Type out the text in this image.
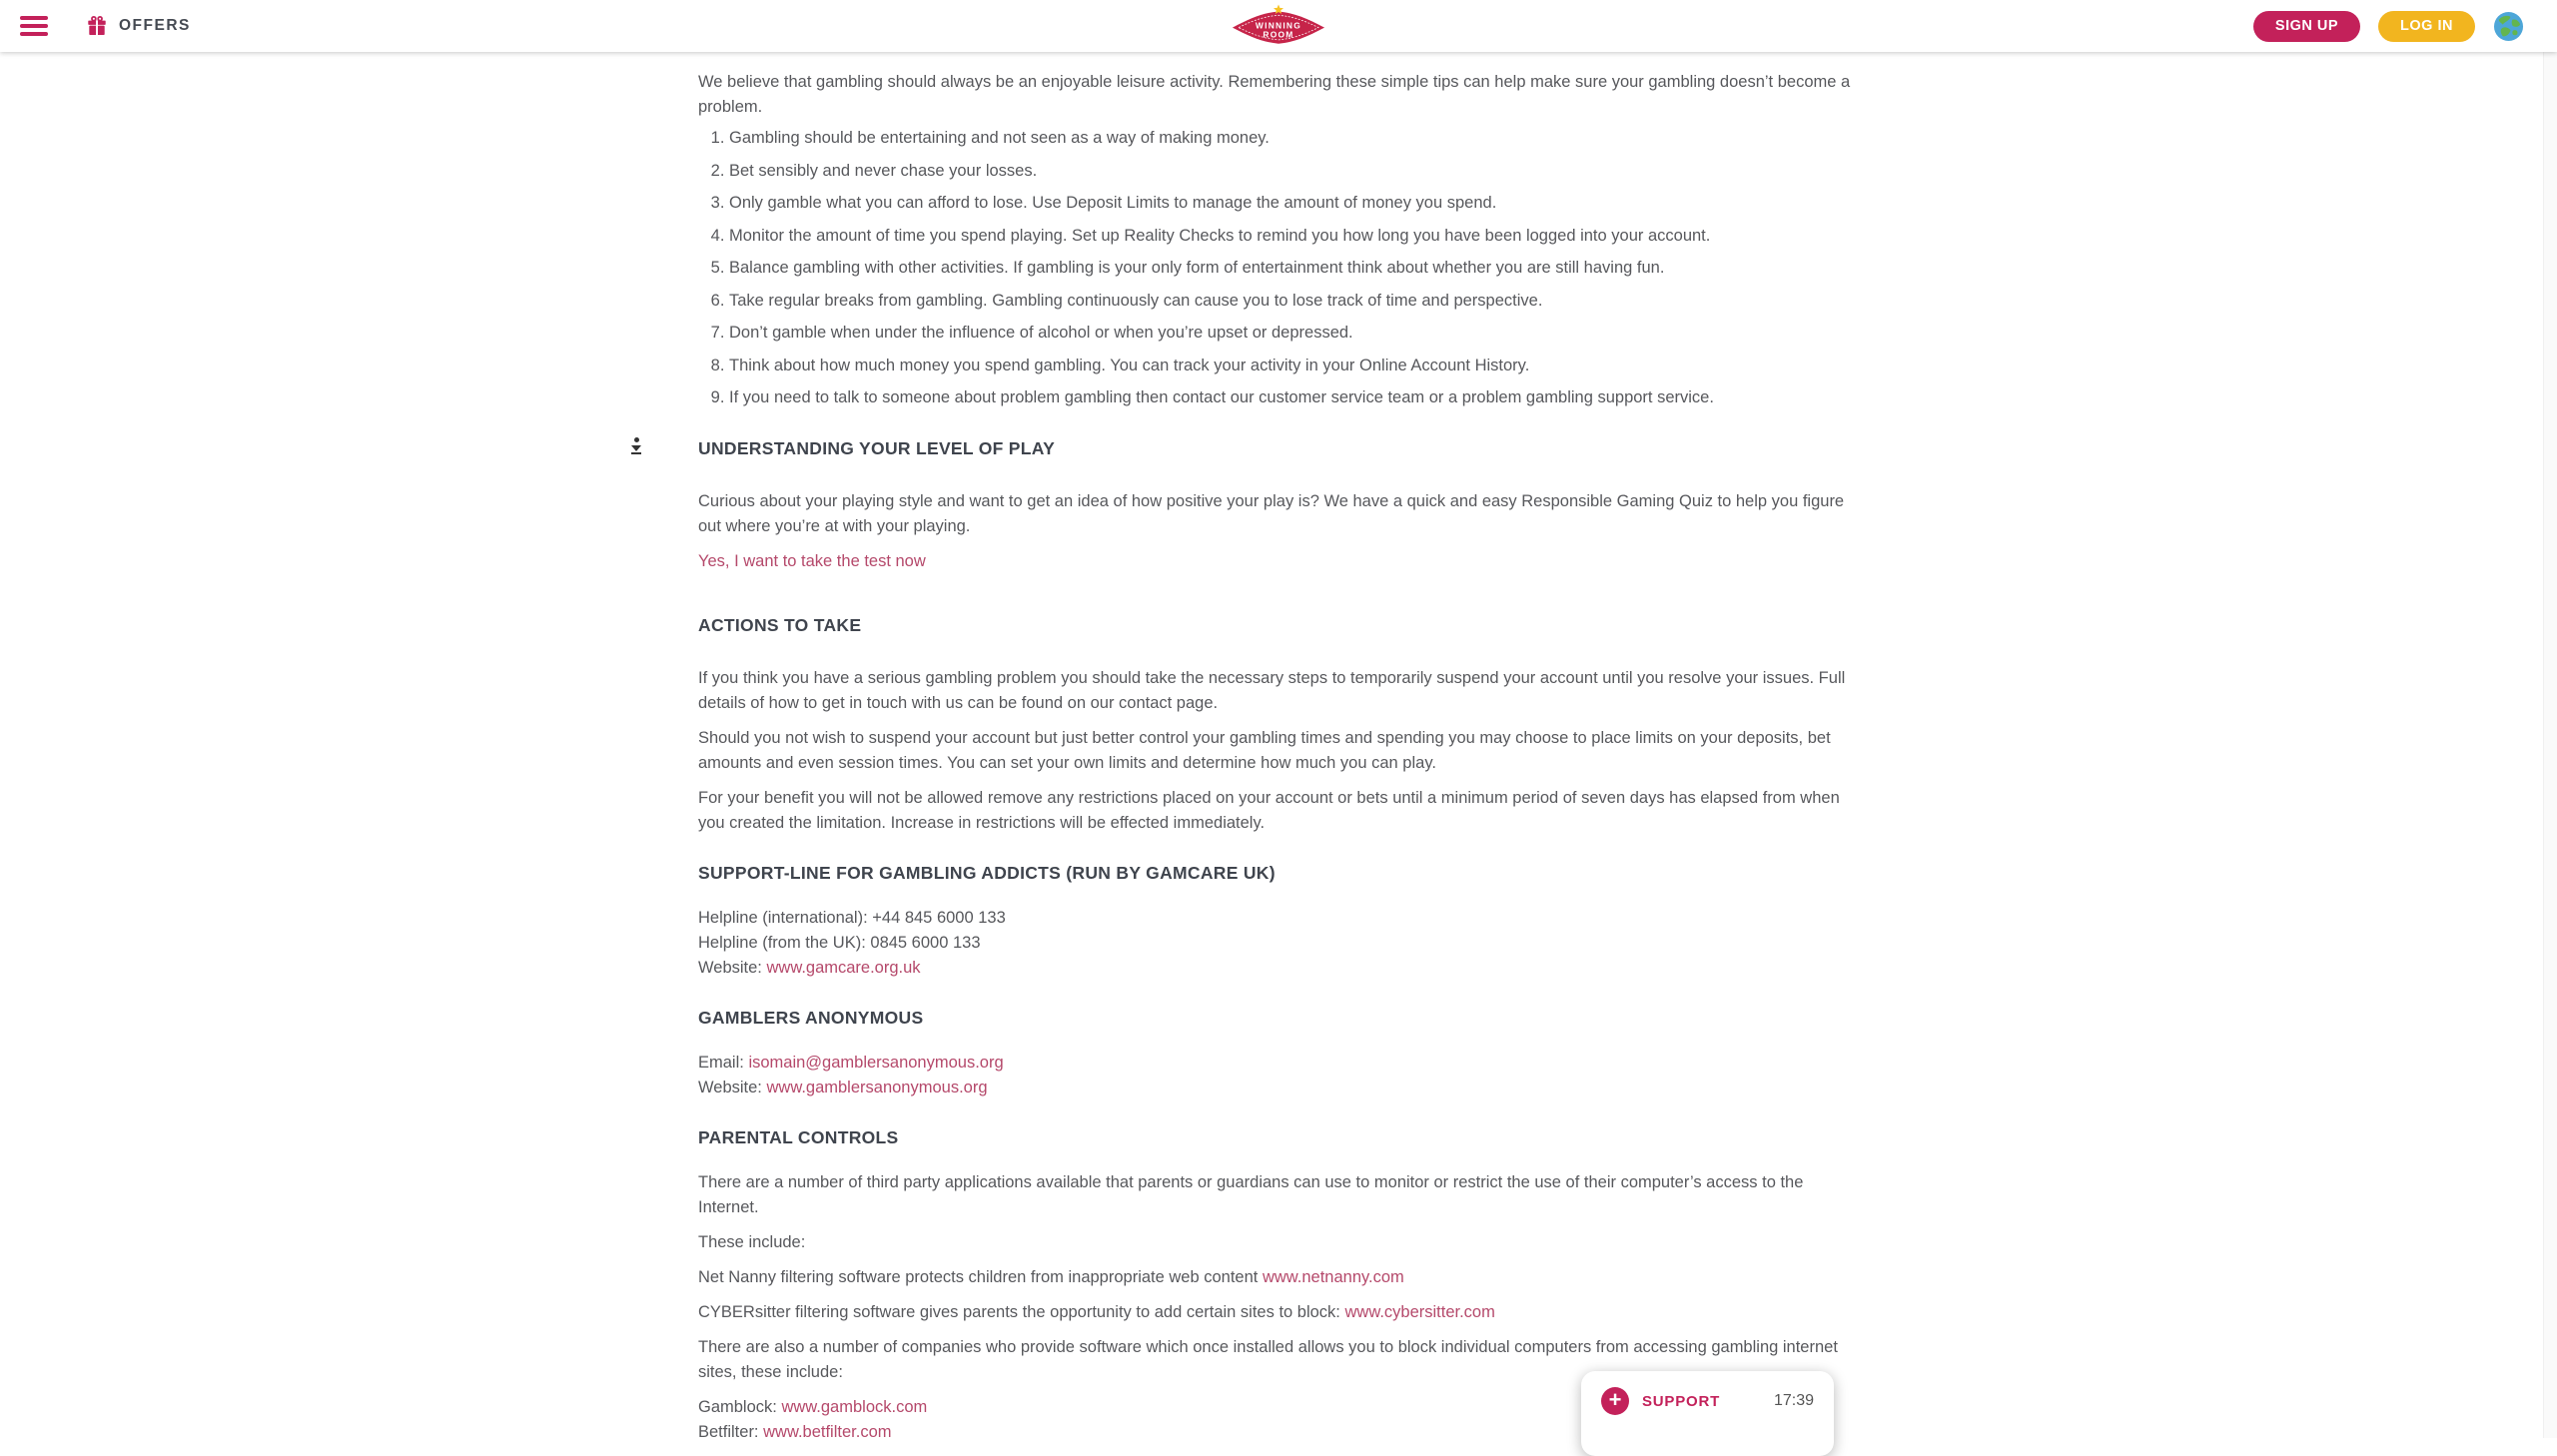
OFFERS	WINNING
ROOM
SIGN UP	LOG IN

We believe that gambling should always be an enjoyable leisure activity. Remembering these simple tips can help make sure your gambling doesn’t become a problem.

1. Gambling should be entertaining and not seen as a way of making money.
2. Bet sensibly and never chase your losses.
3. Only gamble what you can afford to lose. Use Deposit Limits to manage the amount of money you spend.
4. Monitor the amount of time you spend playing. Set up Reality Checks to remind you how long you have been logged into your account.
5. Balance gambling with other activities. If gambling is your only form of entertainment think about whether you are still having fun.
6. Take regular breaks from gambling. Gambling continuously can cause you to lose track of time and perspective.
7. Don’t gamble when under the influence of alcohol or when you’re upset or depressed.
8. Think about how much money you spend gambling. You can track your activity in your Online Account History.
9. If you need to talk to someone about problem gambling then contact our customer service team or a problem gambling support service.
UNDERSTANDING YOUR LEVEL OF PLAY

Curious about your playing style and want to get an idea of how positive your play is? We have a quick and easy Responsible Gaming Quiz to help you figure out where you’re at with your playing.

Yes, I want to take the test now

ACTIONS TO TAKE

If you think you have a serious gambling problem you should take the necessary steps to temporarily suspend your account until you resolve your issues. Full details of how to get in touch with us can be found on our contact page.

Should you not wish to suspend your account but just better control your gambling times and spending you may choose to place limits on your deposits, bet amounts and even session times. You can set your own limits and determine how much you can play.

For your benefit you will not be allowed remove any restrictions placed on your account or bets until a minimum period of seven days has elapsed from when you created the limitation. Increase in restrictions will be effected immediately.

SUPPORT-LINE FOR GAMBLING ADDICTS (RUN BY GAMCARE UK)

Helpline (international): +44 845 6000 133

Helpline (from the UK): 0845 6000 133

Website: www.gamcare.org.uk

GAMBLERS ANONYMOUS

Email: isomain@gamblersanonymous.org

Website: www.gamblersanonymous.org

PARENTAL CONTROLS

There are a number of third party applications available that parents or guardians can use to monitor or restrict the use of their computer’s access to the Internet.

These include:

Net Nanny filtering software protects children from inappropriate web content www.netnanny.com

CYBERsitter filtering software gives parents the opportunity to add certain sites to block: www.cybersitter.com

There are also a number of companies who provide software which once installed allows you to block individual computers from accessing gambling internet sites, these include:

Gamblock: www.gamblock.com

Betfilter: www.betfilter.com

+	SUPPORT	17:39
